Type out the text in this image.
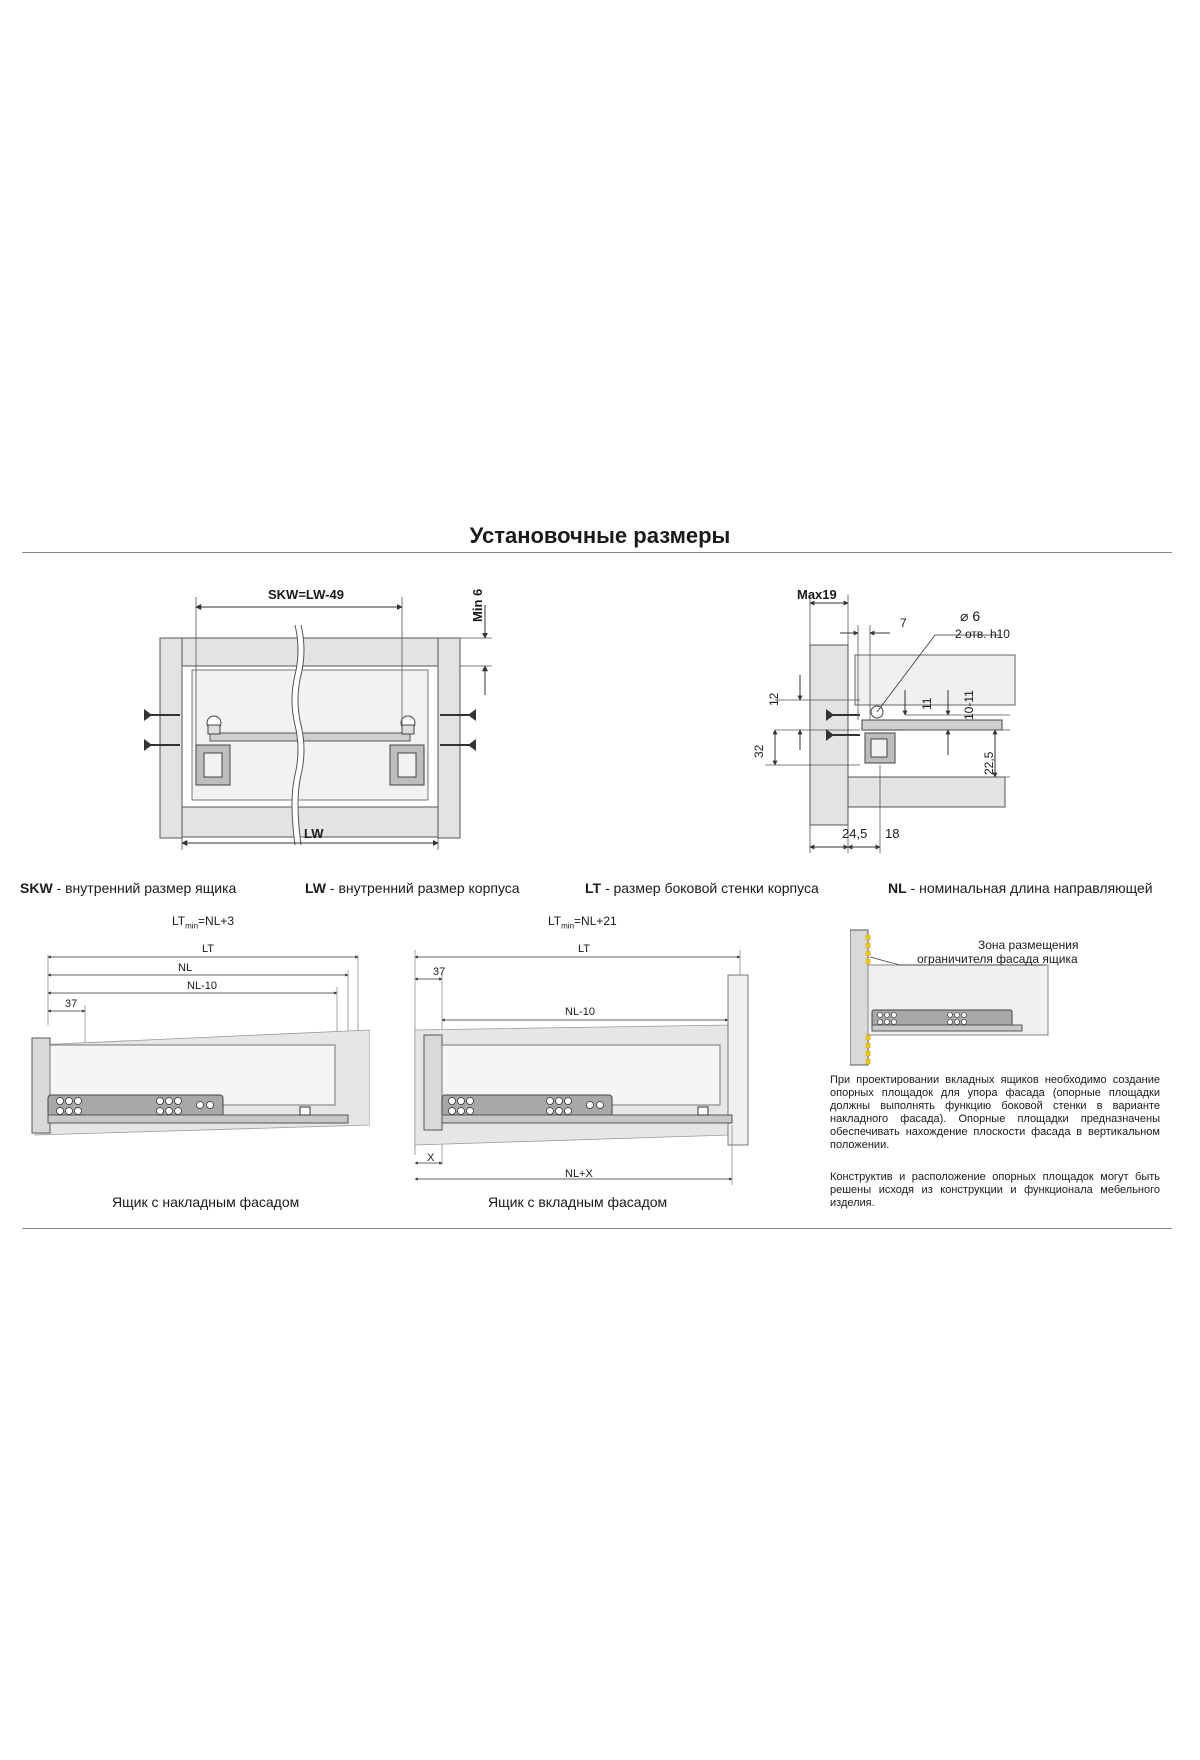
Установочные размеры
SKW=LW-49	Min 6
LW
Max19
7	⌀ 6
2 отв. h10
12
32
11 10-11
22,5
24,5 18
SKW - внутренний размер ящика	LW - внутренний размер корпуса	LT - размер боковой стенки корпуса	NL - номинальная длина направляющей
$LT_{min}=NL+3$
LT
NL
NL-10
37
Ящик с накладным фасадом
$LT_{min}=NL+21$
LT
37
NL-10
X
NL+X
Ящик с вкладным фасадом
Зона размещения
ограничителя фасада ящика
При проектировании вкладных ящиков необходимо создание опорных площадок для упора фасада (опорные площадки должны выполнять функцию боковой стенки в варианте накладного фасада). Опорные площадки предназначены обеспечивать нахождение плоскости фасада в вертикальном положении.
Конструктив и расположение опорных площадок могут быть решены исходя из конструкции и функционала мебельного изделия.
